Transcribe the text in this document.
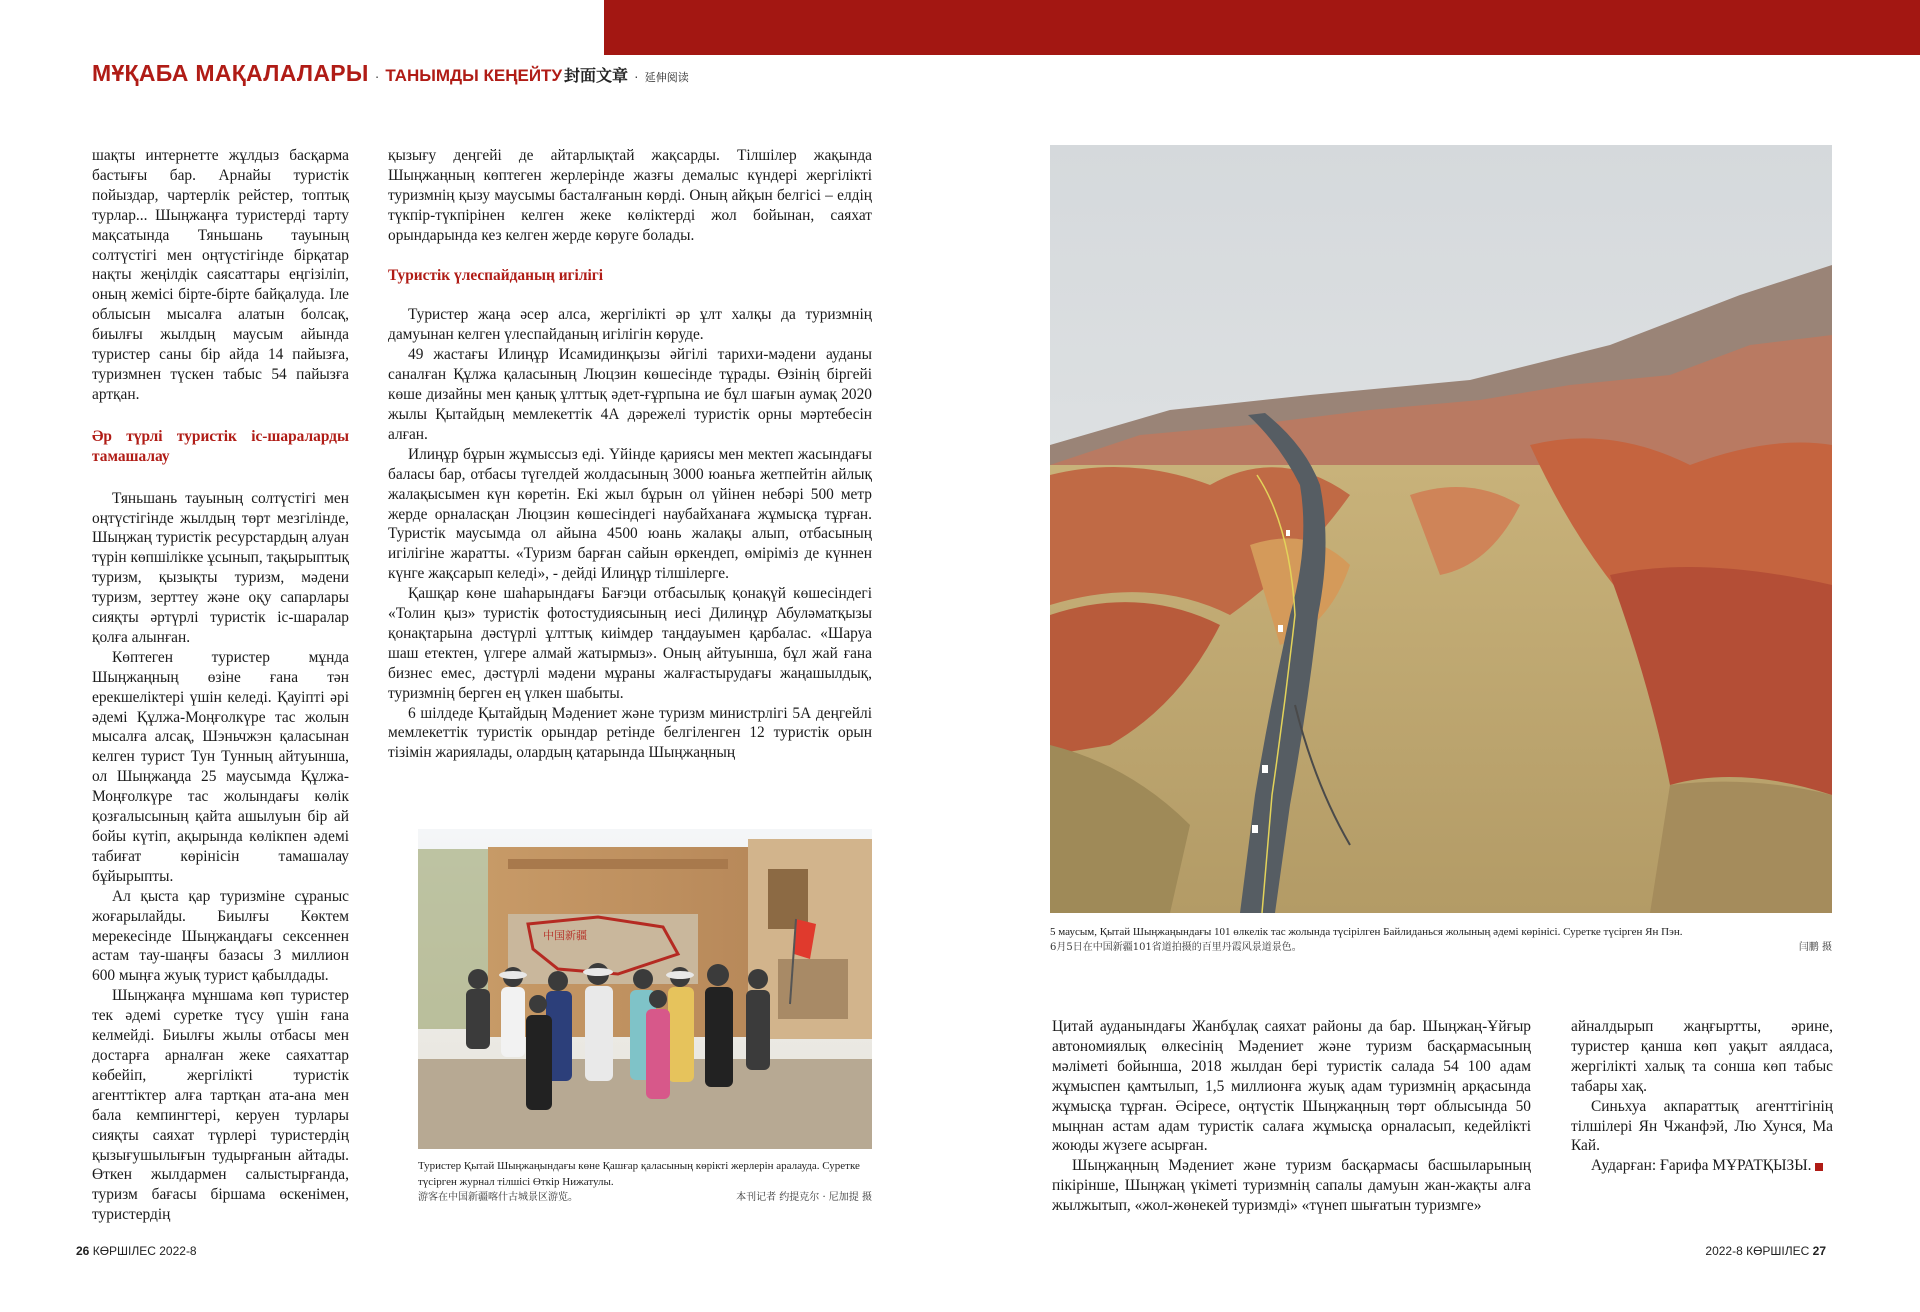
МҰҚАБА МАҚАЛАЛАРЫ · ТАНЫМДЫ КЕҢЕЙТУ 封面文章 · 延伸阅读

шақты интернетте жұлдыз басқарма бастығы бар. Арнайы туристік пойыздар, чартерлік рейстер, топтық турлар... Шыңжаңға туристерді тарту мақсатында Тяньшань тауының солтүстігі мен оңтүстігінде бірқатар нақты жеңілдік саясаттары еңгізіліп, оның жемісі бірте-бірте байқалуда. Іле облысын мысалға алатын болсақ, биылғы жылдың маусым айында туристер саны бір айда 14 пайызға, туризмнен түскен табыс 54 пайызға артқан.

Әр түрлі туристік іс-шараларды тамашалау

Тяньшань тауының солтүстігі мен оңтүстігінде жылдың төрт мезгілінде, Шыңжаң туристік ресурстардың алуан түрін көпшілікке ұсынып, тақырыптық туризм, қызықты туризм, мәдени туризм, зерттеу және оқу сапарлары сияқты әртүрлі туристік іс-шаралар қолға алынған.

Көптеген туристер мұнда Шыңжаңның өзіне ғана тән ерекшеліктері үшін келеді. Қауіпті әрі әдемі Құлжа-Моңғолкүре тас жолын мысалға алсақ, Шэньчжэн қаласынан келген турист Тун Тунның айтуынша, ол Шыңжаңда 25 маусымда Құлжа-Моңғолкүре тас жолындағы көлік қозғалысының қайта ашылуын бір ай бойы күтіп, ақырында көлікпен әдемі табиғат көрінісін тамашалау бұйырыпты.

Ал қыста қар туризміне сұраныс жоғарылайды. Биылғы Көктем мерекесінде Шыңжаңдағы сексеннен астам тау-шаңғы базасы 3 миллион 600 мыңға жуық турист қабылдады.

Шыңжаңға мұншама көп туристер тек әдемі суретке түсу үшін ғана келмейді. Биылғы жылы отбасы мен достарға арналған жеке саяхаттар көбейіп, жергілікті туристік агенттіктер алға тартқан ата-ана мен бала кемпингтері, керуен турлары сияқты саяхат түрлері туристердің қызығушылығын тудырғанын айтады. Өткен жылдармен салыстырғанда, туризм бағасы біршама өскенімен, туристердің

қызығу деңгейі де айтарлықтай жақсарды. Тілшілер жақында Шыңжаңның көптеген жерлерінде жазғы демалыс күндері жергілікті туризмнің қызу маусымы басталғанын көрді. Оның айқын белгісі – елдің түкпір-түкпірінен келген жеке көліктерді жол бойынан, саяхат орындарында кез келген жерде көруге болады.

Туристік үлеспайданың игілігі

Туристер жаңа әсер алса, жергілікті әр ұлт халқы да туризмнің дамуынан келген үлеспайданың игілігін көруде.

49 жастағы Илиңұр Исамидинқызы әйгілі тарихи-мәдени ауданы саналған Құлжа қаласының Люцзин көшесінде тұрады. Өзінің біргейі көше дизайны мен қанық ұлттық әдет-ғұрпына ие бұл шағын аумақ 2020 жылы Қытайдың мемлекеттік 4А дәрежелі туристік орны мәртебесін алған.

Илиңұр бұрын жұмыссыз еді. Үйінде қариясы мен мектеп жасындағы баласы бар, отбасы түгелдей жолдасының 3000 юаньға жетпейтін айлық жалақысымен күн көретін. Екі жыл бұрын ол үйінен небәрі 500 метр жерде орналасқан Люцзин көшесіндегі наубайханаға жұмысқа тұрған. Туристік маусымда ол айына 4500 юань жалақы алып, отбасының игілігіне жаратты. «Туризм барған сайын өркендеп, өміріміз де күннен күнге жақсарып келеді», - дейді Илиңұр тілшілерге.

Қашқар көне шаһарындағы Бағэци отбасылық қонақүй көшесіндегі «Толин қыз» туристік фотостудиясының иесі Дилиңұр Абуләматқызы қонақтарына дәстүрлі ұлттық киімдер таңдауымен қарбалас. «Шаруа шаш етектен, үлгере алмай жатырмыз». Оның айтуынша, бұл жай ғана бизнес емес, дәстүрлі мәдени мұраны жалғастырудағы жаңашылдық, туризмнің берген ең үлкен шабыты.

6 шілдеде Қытайдың Мәдениет және туризм министрлігі 5А деңгейлі мемлекеттік туристік орындар ретінде белгіленген 12 туристік орын тізімін жариялады, олардың қатарында Шыңжаңның

中国新疆
Туристер Қытай Шыңжаңындағы көне Қашғар қаласының көрікті жерлерін аралауда. Суретке түсірген журнал тілшісі Өткір Нижатулы.
游客在中国新疆喀什古城景区游览。	本刊记者 约提克尔 · 尼加提 摄
5 маусым, Қытай Шыңжаңындағы 101 өлкелік тас жолында түсірілген Байлиданься жолының әдемі көрінісі. Суретке түсірген Ян Пэн.
6月5日在中国新疆101省道拍摄的百里丹霞风景道景色。	闫鹏 摄

Цитай ауданындағы Жанбұлақ саяхат районы да бар. Шыңжаң-Ұйғыр автономиялық өлкесінің Мәдениет және туризм басқармасының мәліметі бойынша, 2018 жылдан бері туристік салада 54 100 адам жұмыспен қамтылып, 1,5 миллионға жуық адам туризмнің арқасында жұмысқа тұрған. Әсіресе, оңтүстік Шыңжаңның төрт облысында 50 мыңнан астам адам туристік салаға жұмысқа орналасып, кедейлікті жоюды жүзеге асырған.

Шыңжаңның Мәдениет және туризм басқармасы басшыларының пікірінше, Шыңжаң үкіметі туризмнің сапалы дамуын жан-жақты алға жылжытып, «жол-жөнекей туризмді» «түнеп шығатын туризмге»

айналдырып жаңғыртты, әрине, туристер қанша көп уақыт аялдаса, жергілікті халық та сонша көп табыс табары хақ.

Синьхуа акпараттық агенттігінің тілшілері Ян Чжанфэй, Лю Хунся, Ма Кай.

Аударған: Ғарифа МҰРАТҚЫЗЫ.

26 КӨРШІЛЕС 2022-8	2022-8 КӨРШІЛЕС 27
